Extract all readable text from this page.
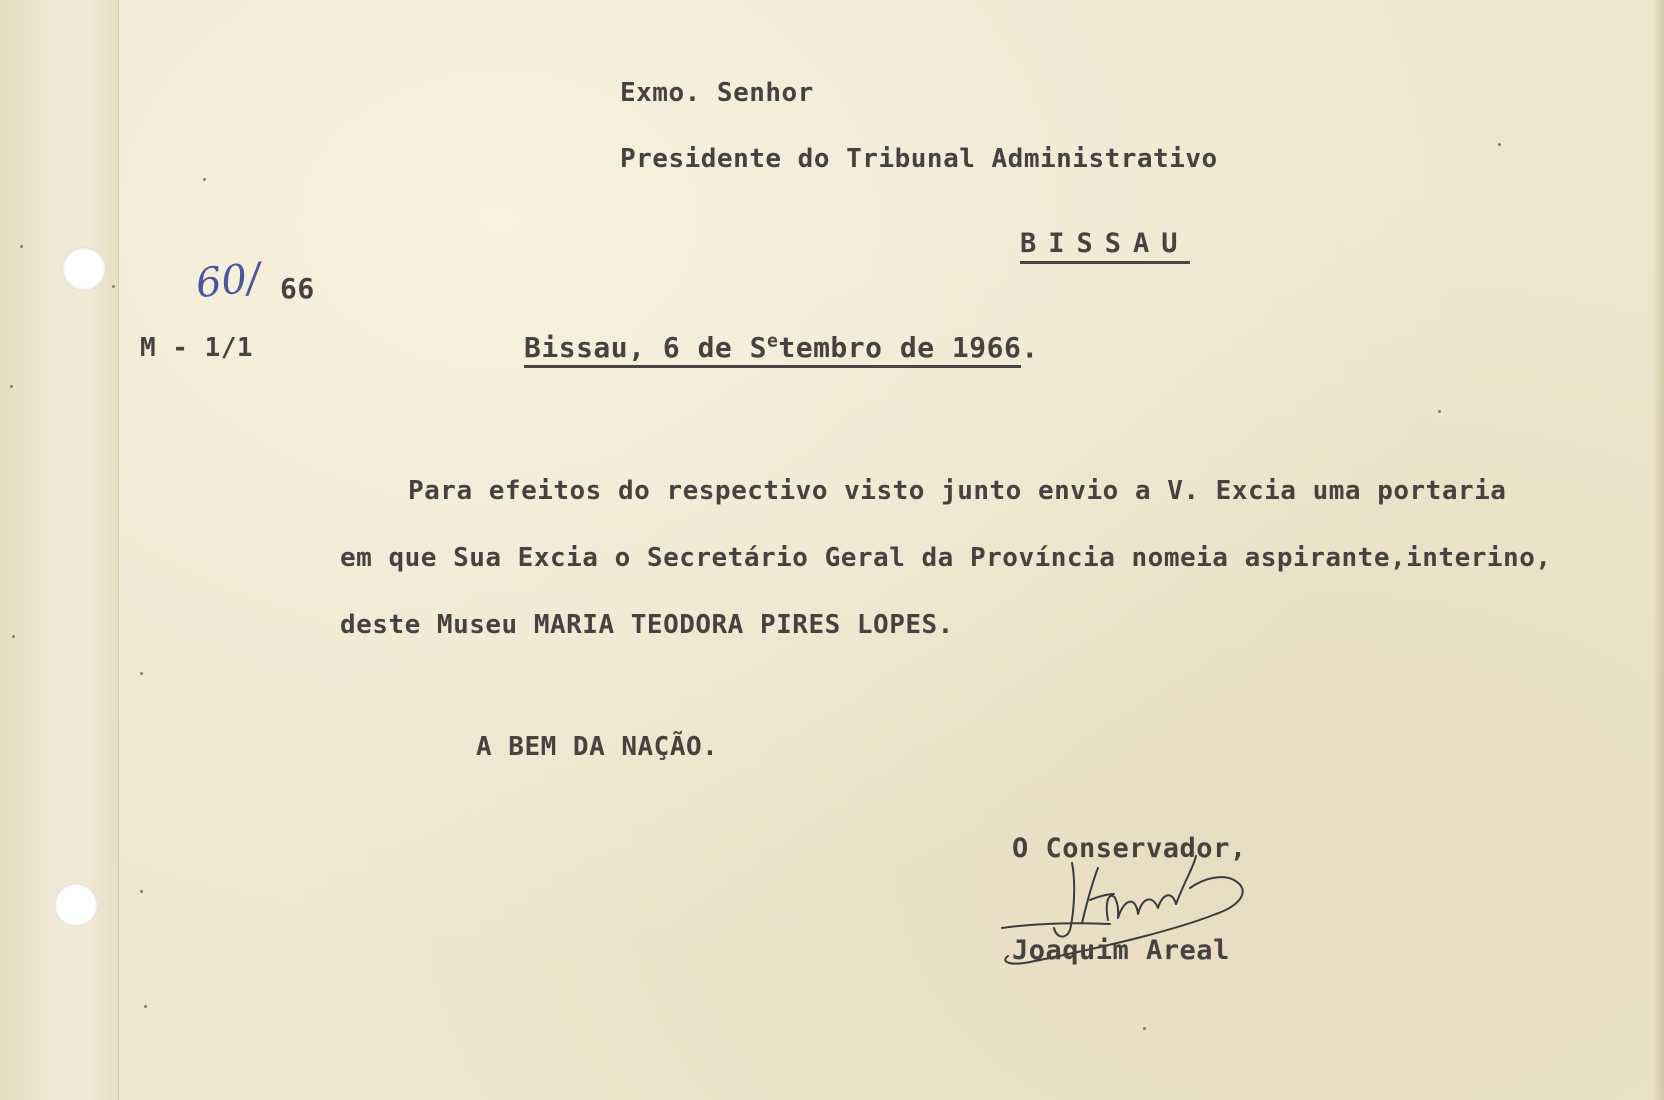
Exmo. Senhor
Presidente do Tribunal Administrativo
BISSAU
60/ 66
M - 1/1	Bissau, 6 de $S^etembro$ de 1966.
Para efeitos do respectivo visto junto envio a V. Excia uma portaria
em que Sua Excia o Secretário Geral da Província nomeia aspirante,interino,
deste Museu MARIA TEODORA PIRES LOPES.
A BEM DA NAÇÃO.
O Conservador,
Joaquim Areal
